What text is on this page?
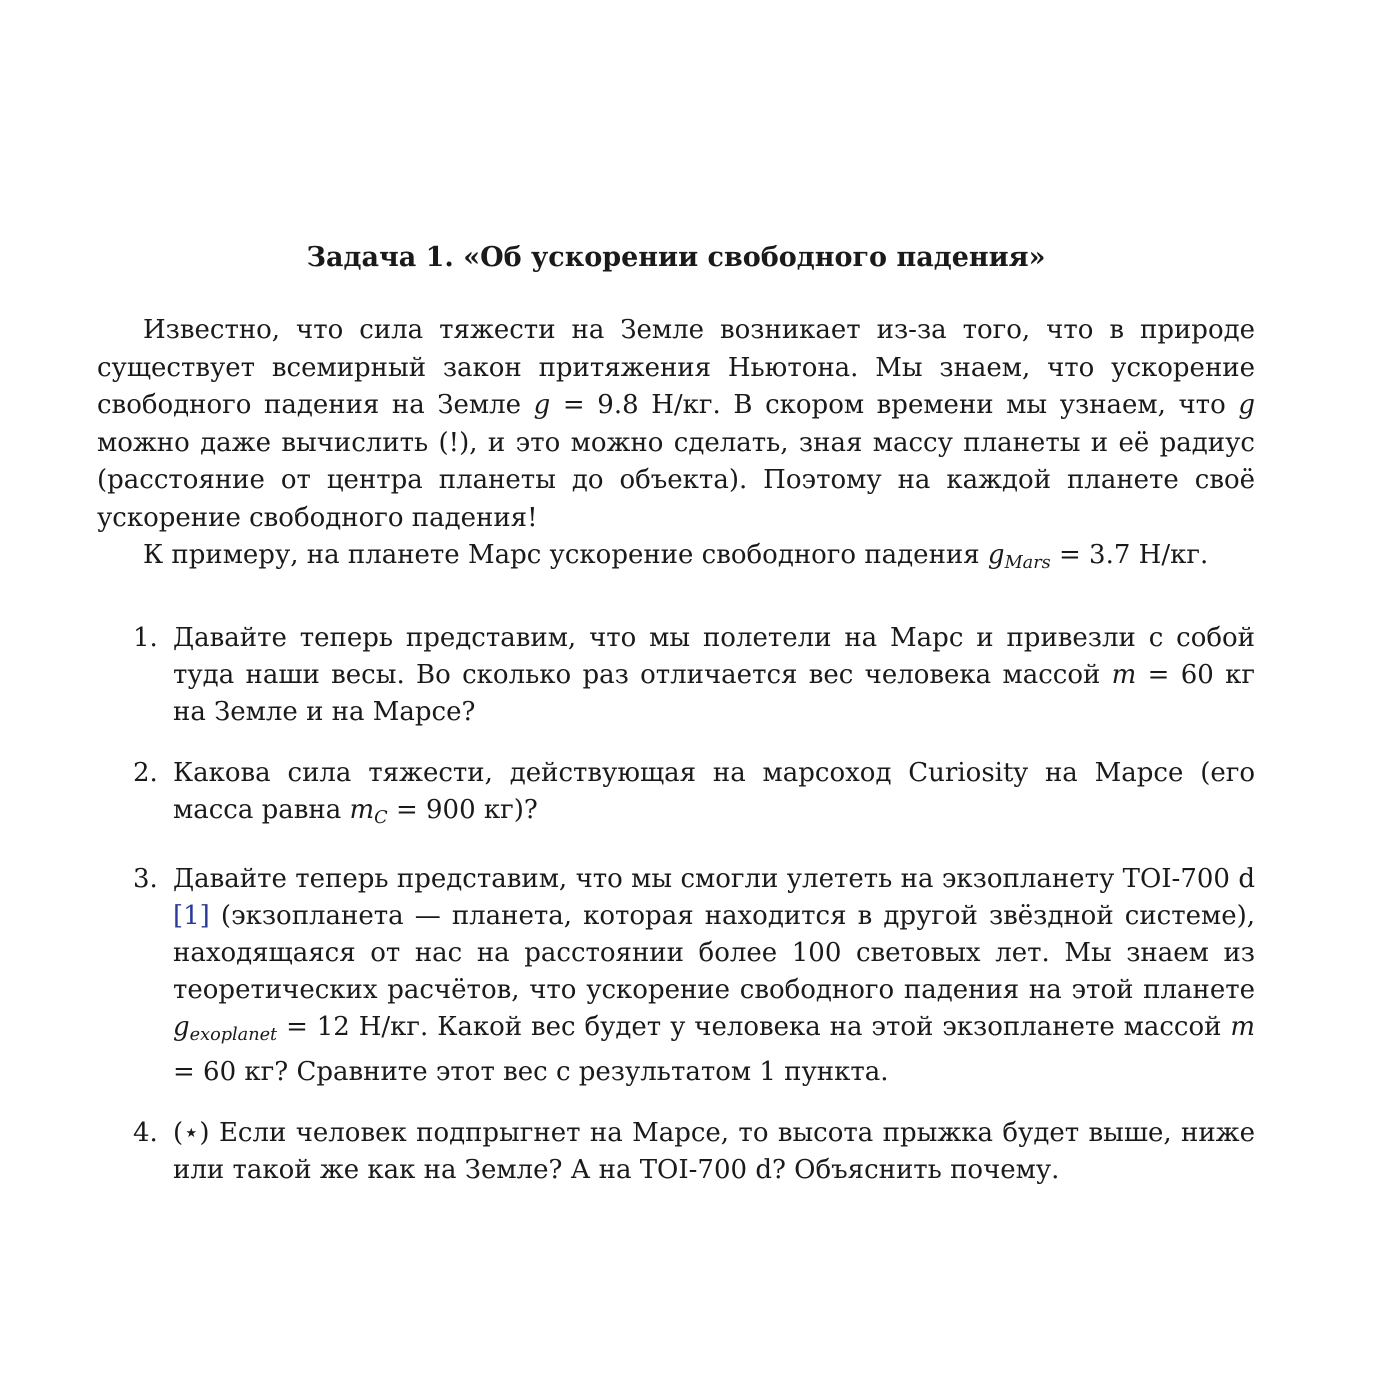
Задача 1. «Об ускорении свободного падения»

Известно, что сила тяжести на Земле возникает из-за того, что в природе существует всемирный закон притяжения Ньютона. Мы знаем, что ускорение свободного падения на Земле g = 9.8 Н/кг. В скором времени мы узнаем, что g можно даже вычислить (!), и это можно сделать, зная массу планеты и её радиус (расстояние от центра планеты до объекта). Поэтому на каждой планете своё ускорение свободного падения!

К примеру, на планете Марс ускорение свободного падения $g_{Mars} = 3.7$ Н/кг.

1. Давайте теперь представим, что мы полетели на Марс и привезли с собой туда наши весы. Во сколько раз отличается вес человека массой m = 60 кг на Земле и на Марсе?
2. Какова сила тяжести, действующая на марсоход Curiosity на Марсе (его масса равна $m_C = 900$ кг)?
3. Давайте теперь представим, что мы смогли улететь на экзопланету TOI-700 d [1] (экзопланета — планета, которая находится в другой звёздной системе), находящаяся от нас на расстоянии более 100 световых лет. Мы знаем из теоретических расчётов, что ускорение свободного падения на этой планете $g_{exoplanet} = 12$ Н/кг. Какой вес будет у человека на этой экзопланете массой m = 60 кг? Сравните этот вес с результатом 1 пункта.
4. (⋆) Если человек подпрыгнет на Марсе, то высота прыжка будет выше, ниже или такой же как на Земле? А на TOI-700 d? Объяснить почему.
